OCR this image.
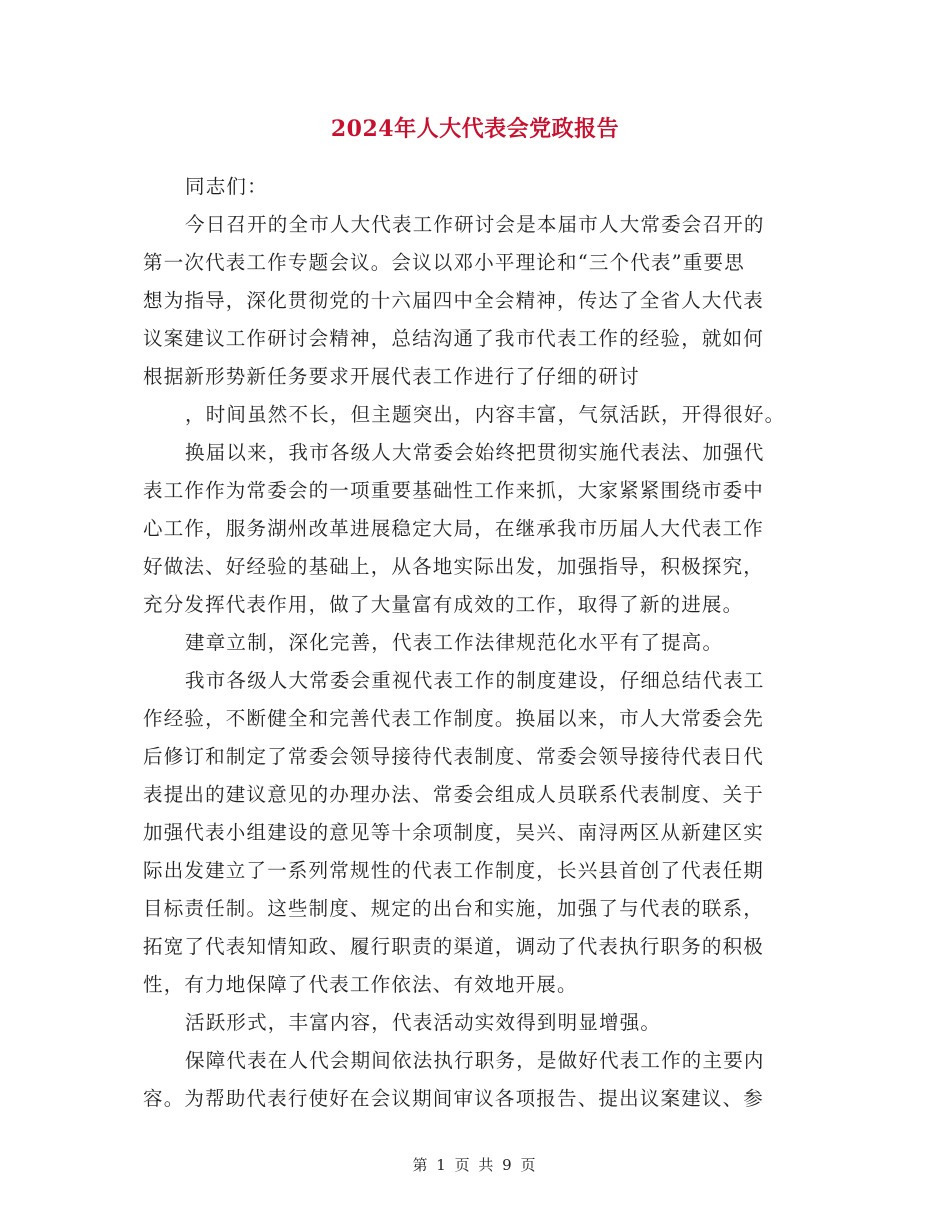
2024年人大代表会党政报告
同志们：
今日召开的全市人大代表工作研讨会是本届市人大常委会召开的
第一次代表工作专题会议。会议以邓小平理论和“三个代表”重要思
想为指导，深化贯彻党的十六届四中全会精神，传达了全省人大代表
议案建议工作研讨会精神，总结沟通了我市代表工作的经验，就如何
根据新形势新任务要求开展代表工作进行了仔细的研讨
，时间虽然不长，但主题突出，内容丰富，气氛活跃，开得很好。
换届以来，我市各级人大常委会始终把贯彻实施代表法、加强代
表工作作为常委会的一项重要基础性工作来抓，大家紧紧围绕市委中
心工作，服务湖州改革进展稳定大局，在继承我市历届人大代表工作
好做法、好经验的基础上，从各地实际出发，加强指导，积极探究，
充分发挥代表作用，做了大量富有成效的工作，取得了新的进展。
建章立制，深化完善，代表工作法律规范化水平有了提高。
我市各级人大常委会重视代表工作的制度建设，仔细总结代表工
作经验，不断健全和完善代表工作制度。换届以来，市人大常委会先
后修订和制定了常委会领导接待代表制度、常委会领导接待代表日代
表提出的建议意见的办理办法、常委会组成人员联系代表制度、关于
加强代表小组建设的意见等十余项制度，吴兴、南浔两区从新建区实
际出发建立了一系列常规性的代表工作制度，长兴县首创了代表任期
目标责任制。这些制度、规定的出台和实施，加强了与代表的联系，
拓宽了代表知情知政、履行职责的渠道，调动了代表执行职务的积极
性，有力地保障了代表工作依法、有效地开展。
活跃形式，丰富内容，代表活动实效得到明显增强。
保障代表在人代会期间依法执行职务，是做好代表工作的主要内
容。为帮助代表行使好在会议期间审议各项报告、提出议案建议、参
第 1 页 共 9 页
